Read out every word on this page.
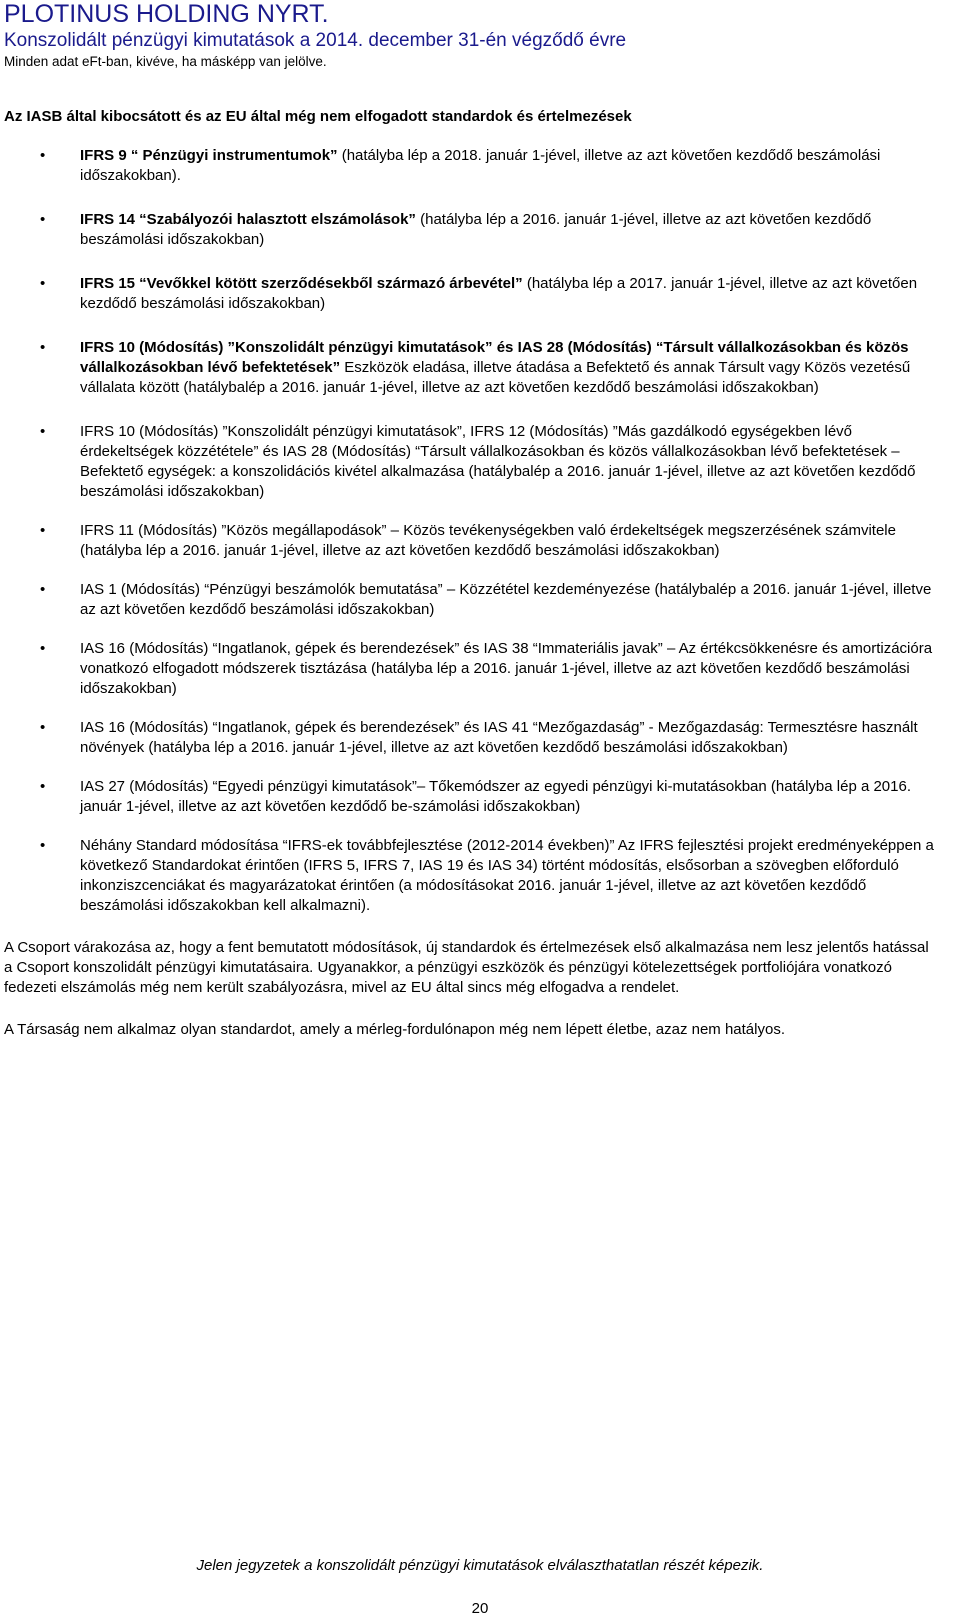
PLOTINUS HOLDING NYRT.
Konszolidált pénzügyi kimutatások a 2014. december 31-én végződő évre
Minden adat eFt-ban, kivéve, ha másképp van jelölve.
Az IASB által kibocsátott és az EU által még nem elfogadott standardok és értelmezések
• IFRS 9 “ Pénzügyi instrumentumok” (hatályba lép a 2018. január 1-jével, illetve az azt követően kezdődő beszámolási időszakokban).
• IFRS 14 “Szabályozói halasztott elszámolások” (hatályba lép a 2016. január 1-jével, illetve az azt követően kezdődő beszámolási időszakokban)
• IFRS 15 “Vevőkkel kötött szerződésekből származó árbevétel” (hatályba lép a 2017. január 1-jével, illetve az azt követően kezdődő beszámolási időszakokban)
• IFRS 10 (Módosítás) ”Konszolidált pénzügyi kimutatások” és IAS 28 (Módosítás) “Társult vállalkozásokban és közös vállalkozásokban lévő befektetések” Eszközök eladása, illetve átadása a Befektető és annak Társult vagy Közös vezetésű vállalata között (hatálybalép a 2016. január 1-jével, illetve az azt követően kezdődő beszámolási időszakokban)
• IFRS 10 (Módosítás) ”Konszolidált pénzügyi kimutatások”, IFRS 12 (Módosítás) ”Más gazdálkodó egységekben lévő érdekeltségek közzététele” és IAS 28 (Módosítás) “Társult vállalkozásokban és közös vállalkozásokban lévő befektetések – Befektető egységek: a konszolidációs kivétel alkalmazása (hatálybalép a 2016. január 1-jével, illetve az azt követően kezdődő beszámolási időszakokban)
• IFRS 11 (Módosítás) ”Közös megállapodások” – Közös tevékenységekben való érdekeltségek megszerzésének számvitele (hatályba lép a 2016. január 1-jével, illetve az azt követően kezdődő beszámolási időszakokban)
• IAS 1 (Módosítás) “Pénzügyi beszámolók bemutatása” – Közzététel kezdeményezése (hatálybalép a 2016. január 1-jével, illetve az azt követően kezdődő beszámolási időszakokban)
• IAS 16 (Módosítás) “Ingatlanok, gépek és berendezések” és IAS 38 “Immateriális javak” – Az értékcsökkenésre és amortizációra vonatkozó elfogadott módszerek tisztázása (hatályba lép a 2016. január 1-jével, illetve az azt követően kezdődő beszámolási időszakokban)
• IAS 16 (Módosítás) “Ingatlanok, gépek és berendezések” és IAS 41 “Mezőgazdaság” - Mezőgazdaság: Termesztésre használt növények (hatályba lép a 2016. január 1-jével, illetve az azt követően kezdődő beszámolási időszakokban)
• IAS 27 (Módosítás) “Egyedi pénzügyi kimutatások”– Tőkemódszer az egyedi pénzügyi ki-mutatásokban (hatályba lép a 2016. január 1-jével, illetve az azt követően kezdődő be-számolási időszakokban)
• Néhány Standard módosítása “IFRS-ek továbbfejlesztése (2012-2014 években)” Az IFRS fejlesztési projekt eredményeképpen a következő Standardokat érintően (IFRS 5, IFRS 7, IAS 19 és IAS 34) történt módosítás, elsősorban a szövegben előforduló inkonziszcenciákat és magyarázatokat érintően (a módosításokat 2016. január 1-jével, illetve az azt követően kezdődő beszámolási időszakokban kell alkalmazni).

A Csoport várakozása az, hogy a fent bemutatott módosítások, új standardok és értelmezések első alkalmazása nem lesz jelentős hatással a Csoport konszolidált pénzügyi kimutatásaira. Ugyanakkor, a pénzügyi eszközök és pénzügyi kötelezettségek portfoliójára vonatkozó fedezeti elszámolás még nem került szabályozásra, mivel az EU által sincs még elfogadva a rendelet.

A Társaság nem alkalmaz olyan standardot, amely a mérleg-fordulónapon még nem lépett életbe, azaz nem hatályos.

Jelen jegyzetek a konszolidált pénzügyi kimutatások elválaszthatatlan részét képezik.
20
